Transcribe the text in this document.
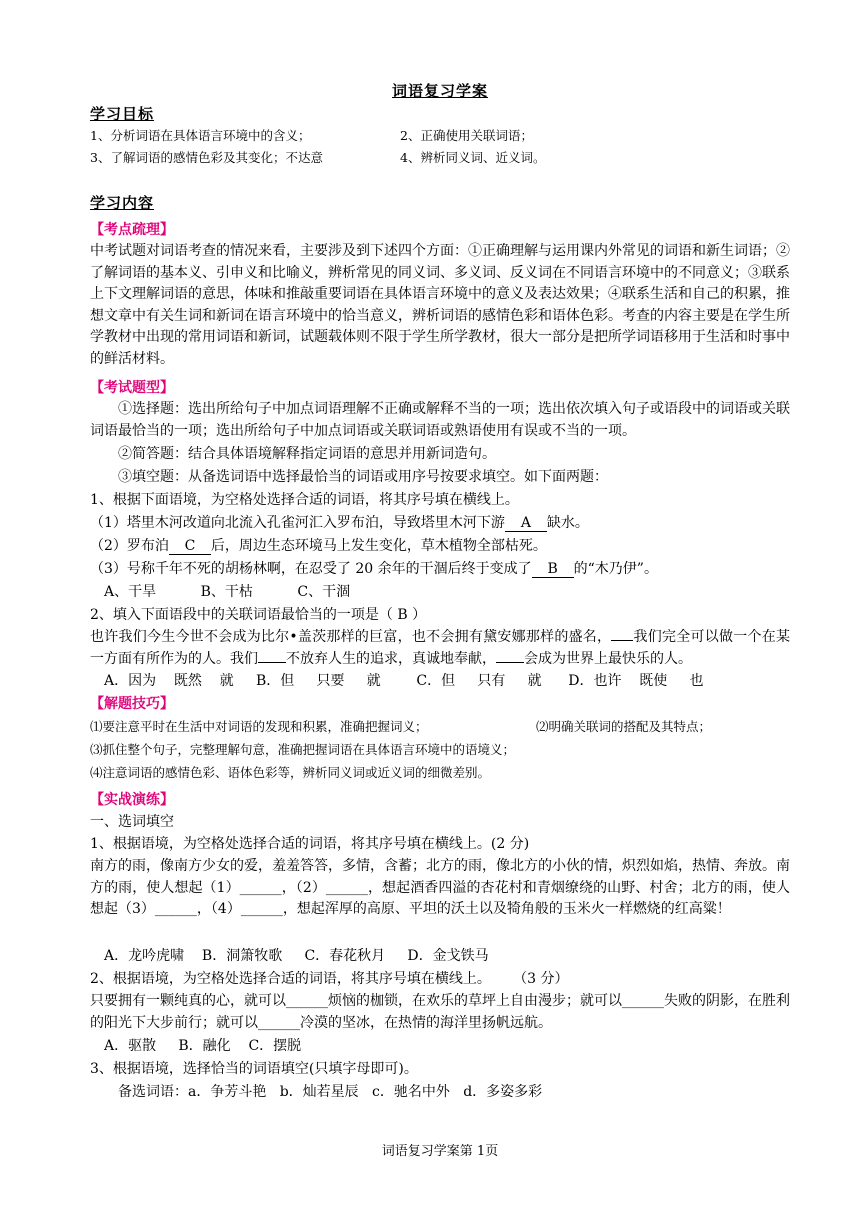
词语复习学案
学习目标
1、分析词语在具体语言环境中的含义；	2、正确使用关联词语；
3、了解词语的感情色彩及其变化；不达意	4、辨析同义词、近义词。
学习内容
【考点疏理】
中考试题对词语考查的情况来看，主要涉及到下述四个方面：①正确理解与运用课内外常见的词语和新生词语；②了解词语的基本义、引申义和比喻义，辨析常见的同义词、多义词、反义词在不同语言环境中的不同意义；③联系上下文理解词语的意思，体味和推敲重要词语在具体语言环境中的意义及表达效果；④联系生活和自己的积累，推想文章中有关生词和新词在语言环境中的恰当意义，辨析词语的感情色彩和语体色彩。考查的内容主要是在学生所学教材中出现的常用词语和新词，试题载体则不限于学生所学教材，很大一部分是把所学词语移用于生活和时事中的鲜活材料。
【考试题型】
①选择题：选出所给句子中加点词语理解不正确或解释不当的一项；选出依次填入句子或语段中的词语或关联词语最恰当的一项；选出所给句子中加点词语或关联词语或熟语使用有误或不当的一项。
②简答题：结合具体语境解释指定词语的意思并用新词造句。
③填空题：从备选词语中选择最恰当的词语或用序号按要求填空。如下面两题：
1、根据下面语境，为空格处选择合适的词语，将其序号填在横线上。
（1）塔里木河改道向北流入孔雀河汇入罗布泊，导致塔里木河下游 A 缺水。
（2）罗布泊 C 后，周边生态环境马上发生变化，草木植物全部枯死。
（3）号称千年不死的胡杨林啊，在忍受了 20 余年的干涸后终于变成了 B 的“木乃伊”。
A、干旱          B、干枯          C、干涸
2、填入下面语段中的关联词语最恰当的一项是（ B ）
也许我们今生今世不会成为比尔•盖茨那样的巨富，也不会拥有黛安娜那样的盛名， 我们完全可以做一个在某一方面有所作为的人。我们 不放弃人生的追求，真诚地奉献， 会成为世界上最快乐的人。
A．因为    既然    就     B．但     只要     就        C．但     只有     就      D．也许    既使     也
【解题技巧】
⑴要注意平时在生活中对词语的发现和积累，准确把握词义；	⑵明确关联词的搭配及其特点；
⑶抓住整个句子，完整理解句意，准确把握词语在具体语言环境中的语境义；
⑷注意词语的感情色彩、语体色彩等，辨析同义词或近义词的细微差别。
【实战演练】
一、选词填空
1、根据语境，为空格处选择合适的词语，将其序号填在横线上。(2 分)
南方的雨，像南方少女的爱，羞羞答答，多情，含蓄；北方的雨，像北方的小伙的情，炽烈如焰，热情、奔放。南方的雨，使人想起（1）______，（2）______，想起酒香四溢的杏花村和青烟缭绕的山野、村舍；北方的雨，使人想起（3）______，（4）______，想起浑厚的高原、平坦的沃土以及犄角般的玉米火一样燃烧的红高粱！
A．龙吟虎啸    B．洞箫牧歌     C．春花秋月     D．金戈铁马
2、根据语境，为空格处选择合适的词语，将其序号填在横线上。     （3 分）
只要拥有一颗纯真的心，就可以______烦恼的枷锁，在欢乐的草坪上自由漫步；就可以______失败的阴影，在胜利的阳光下大步前行；就可以______冷漠的坚冰，在热情的海洋里扬帆远航。
A．驱散     B．融化    C．摆脱
3、根据语境，选择恰当的词语填空(只填字母即可)。
备选词语：a．争芳斗艳   b．灿若星辰   c．驰名中外   d．多姿多彩
词语复习学案第 1页
